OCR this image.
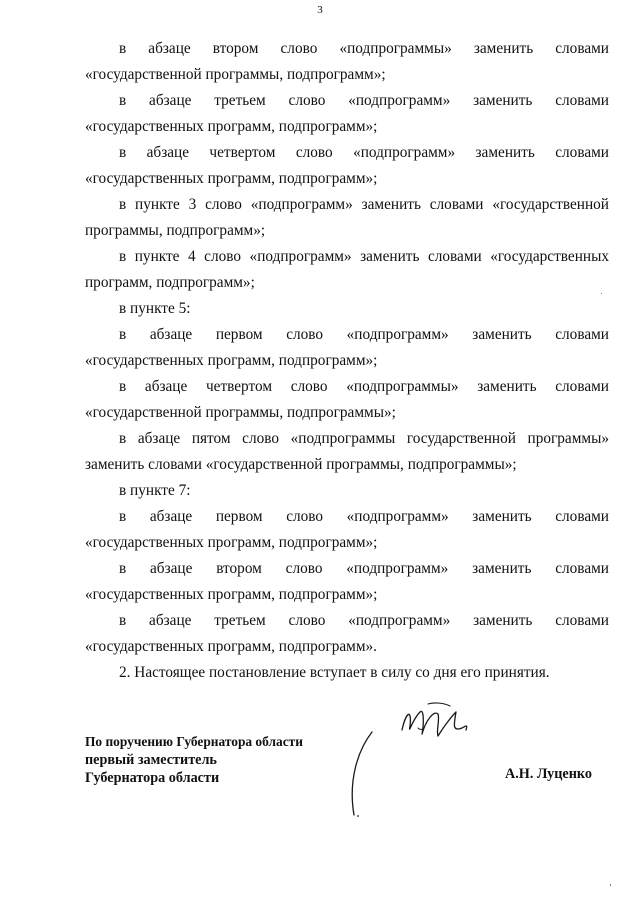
3

в абзаце втором слово «подпрограммы» заменить словами «государственной программы, подпрограмм»;

в абзаце третьем слово «подпрограмм» заменить словами «государственных программ, подпрограмм»;

в абзаце четвертом слово «подпрограмм» заменить словами «государственных программ, подпрограмм»;

в пункте 3 слово «подпрограмм» заменить словами «государственной программы, подпрограмм»;

в пункте 4 слово «подпрограмм» заменить словами «государственных программ, подпрограмм»;

в пункте 5:

в абзаце первом слово «подпрограмм» заменить словами «государственных программ, подпрограмм»;

в абзаце четвертом слово «подпрограммы» заменить словами «государственной программы, подпрограммы»;

в абзаце пятом слово «подпрограммы государственной программы» заменить словами «государственной программы, подпрограммы»;

в пункте 7:

в абзаце первом слово «подпрограмм» заменить словами «государственных программ, подпрограмм»;

в абзаце втором слово «подпрограмм» заменить словами «государственных программ, подпрограмм»;

в абзаце третьем слово «подпрограмм» заменить словами «государственных программ, подпрограмм».

2. Настоящее постановление вступает в силу со дня его принятия.

По поручению Губернатора области
первый заместитель
Губернатора области	А.Н. Луценко
